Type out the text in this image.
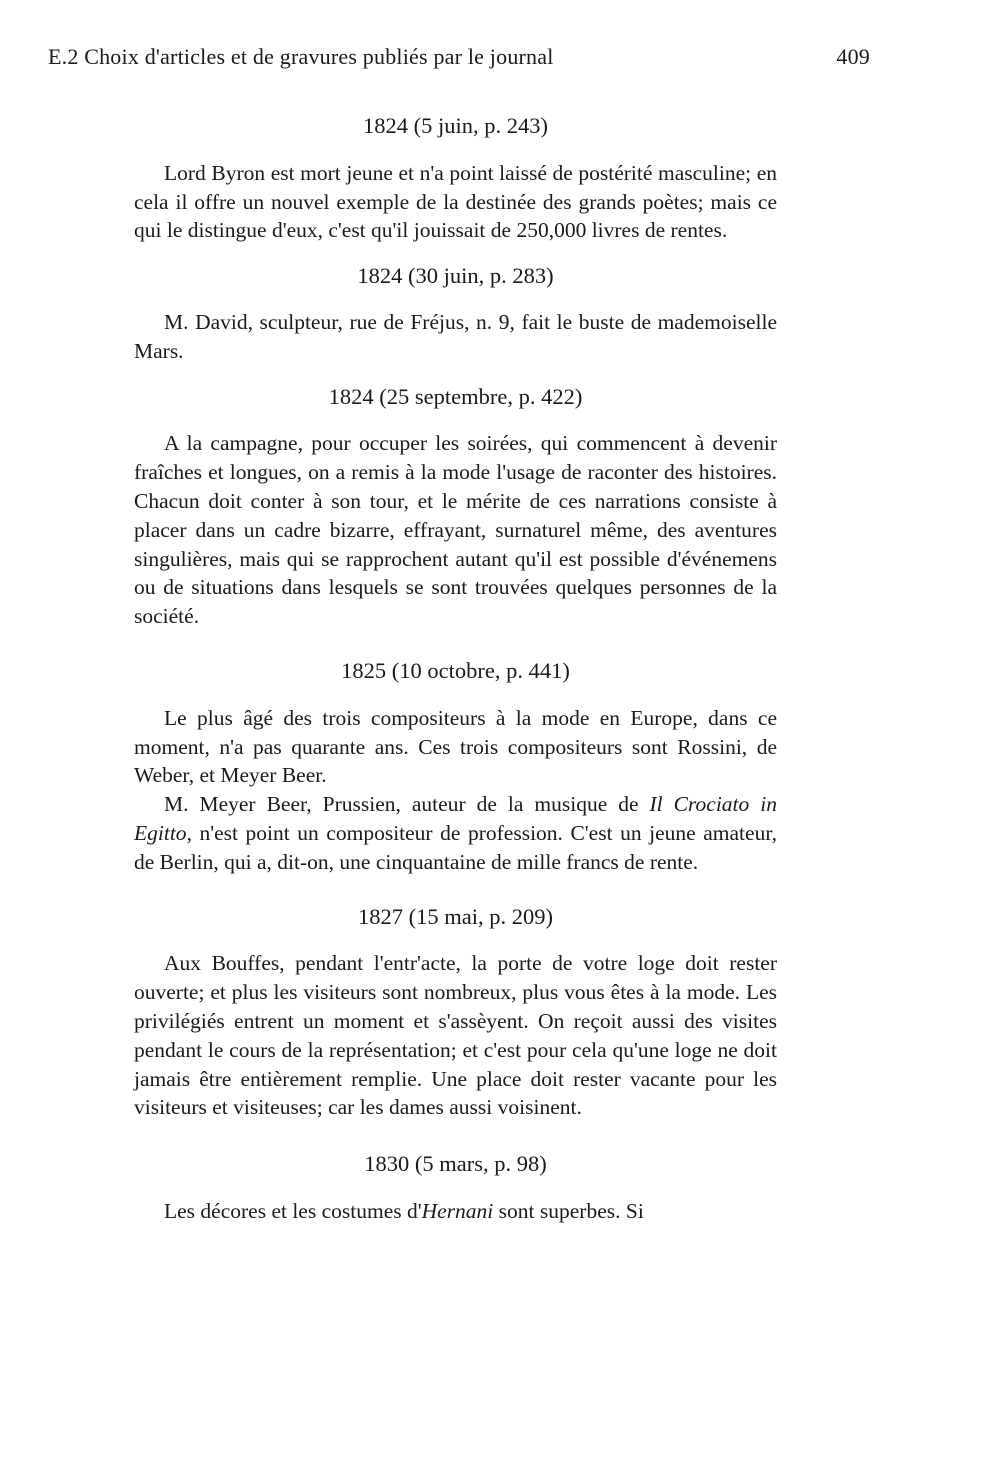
E.2 Choix d'articles et de gravures publiés par le journal	409

1824 (5 juin, p. 243)

Lord Byron est mort jeune et n'a point laissé de postérité masculine; en cela il offre un nouvel exemple de la destinée des grands poètes; mais ce qui le distingue d'eux, c'est qu'il jouissait de 250,000 livres de rentes.

1824 (30 juin, p. 283)

M. David, sculpteur, rue de Fréjus, n. 9, fait le buste de mademoiselle Mars.

1824 (25 septembre, p. 422)

A la campagne, pour occuper les soirées, qui commencent à devenir fraîches et longues, on a remis à la mode l'usage de raconter des histoires. Chacun doit conter à son tour, et le mérite de ces narrations consiste à placer dans un cadre bizarre, effrayant, surnaturel même, des aventures singulières, mais qui se rapprochent autant qu'il est possible d'événemens ou de situations dans lesquels se sont trouvées quelques personnes de la société.

1825 (10 octobre, p. 441)

Le plus âgé des trois compositeurs à la mode en Europe, dans ce moment, n'a pas quarante ans. Ces trois compositeurs sont Rossini, de Weber, et Meyer Beer.

M. Meyer Beer, Prussien, auteur de la musique de Il Crociato in Egitto, n'est point un compositeur de profession. C'est un jeune amateur, de Berlin, qui a, dit-on, une cinquantaine de mille francs de rente.

1827 (15 mai, p. 209)

Aux Bouffes, pendant l'entr'acte, la porte de votre loge doit rester ouverte; et plus les visiteurs sont nombreux, plus vous êtes à la mode. Les privilégiés entrent un moment et s'assèyent. On reçoit aussi des visites pendant le cours de la représentation; et c'est pour cela qu'une loge ne doit jamais être entièrement remplie. Une place doit rester vacante pour les visiteurs et visiteuses; car les dames aussi voisinent.

1830 (5 mars, p. 98)

Les décores et les costumes d'Hernani sont superbes. Si
